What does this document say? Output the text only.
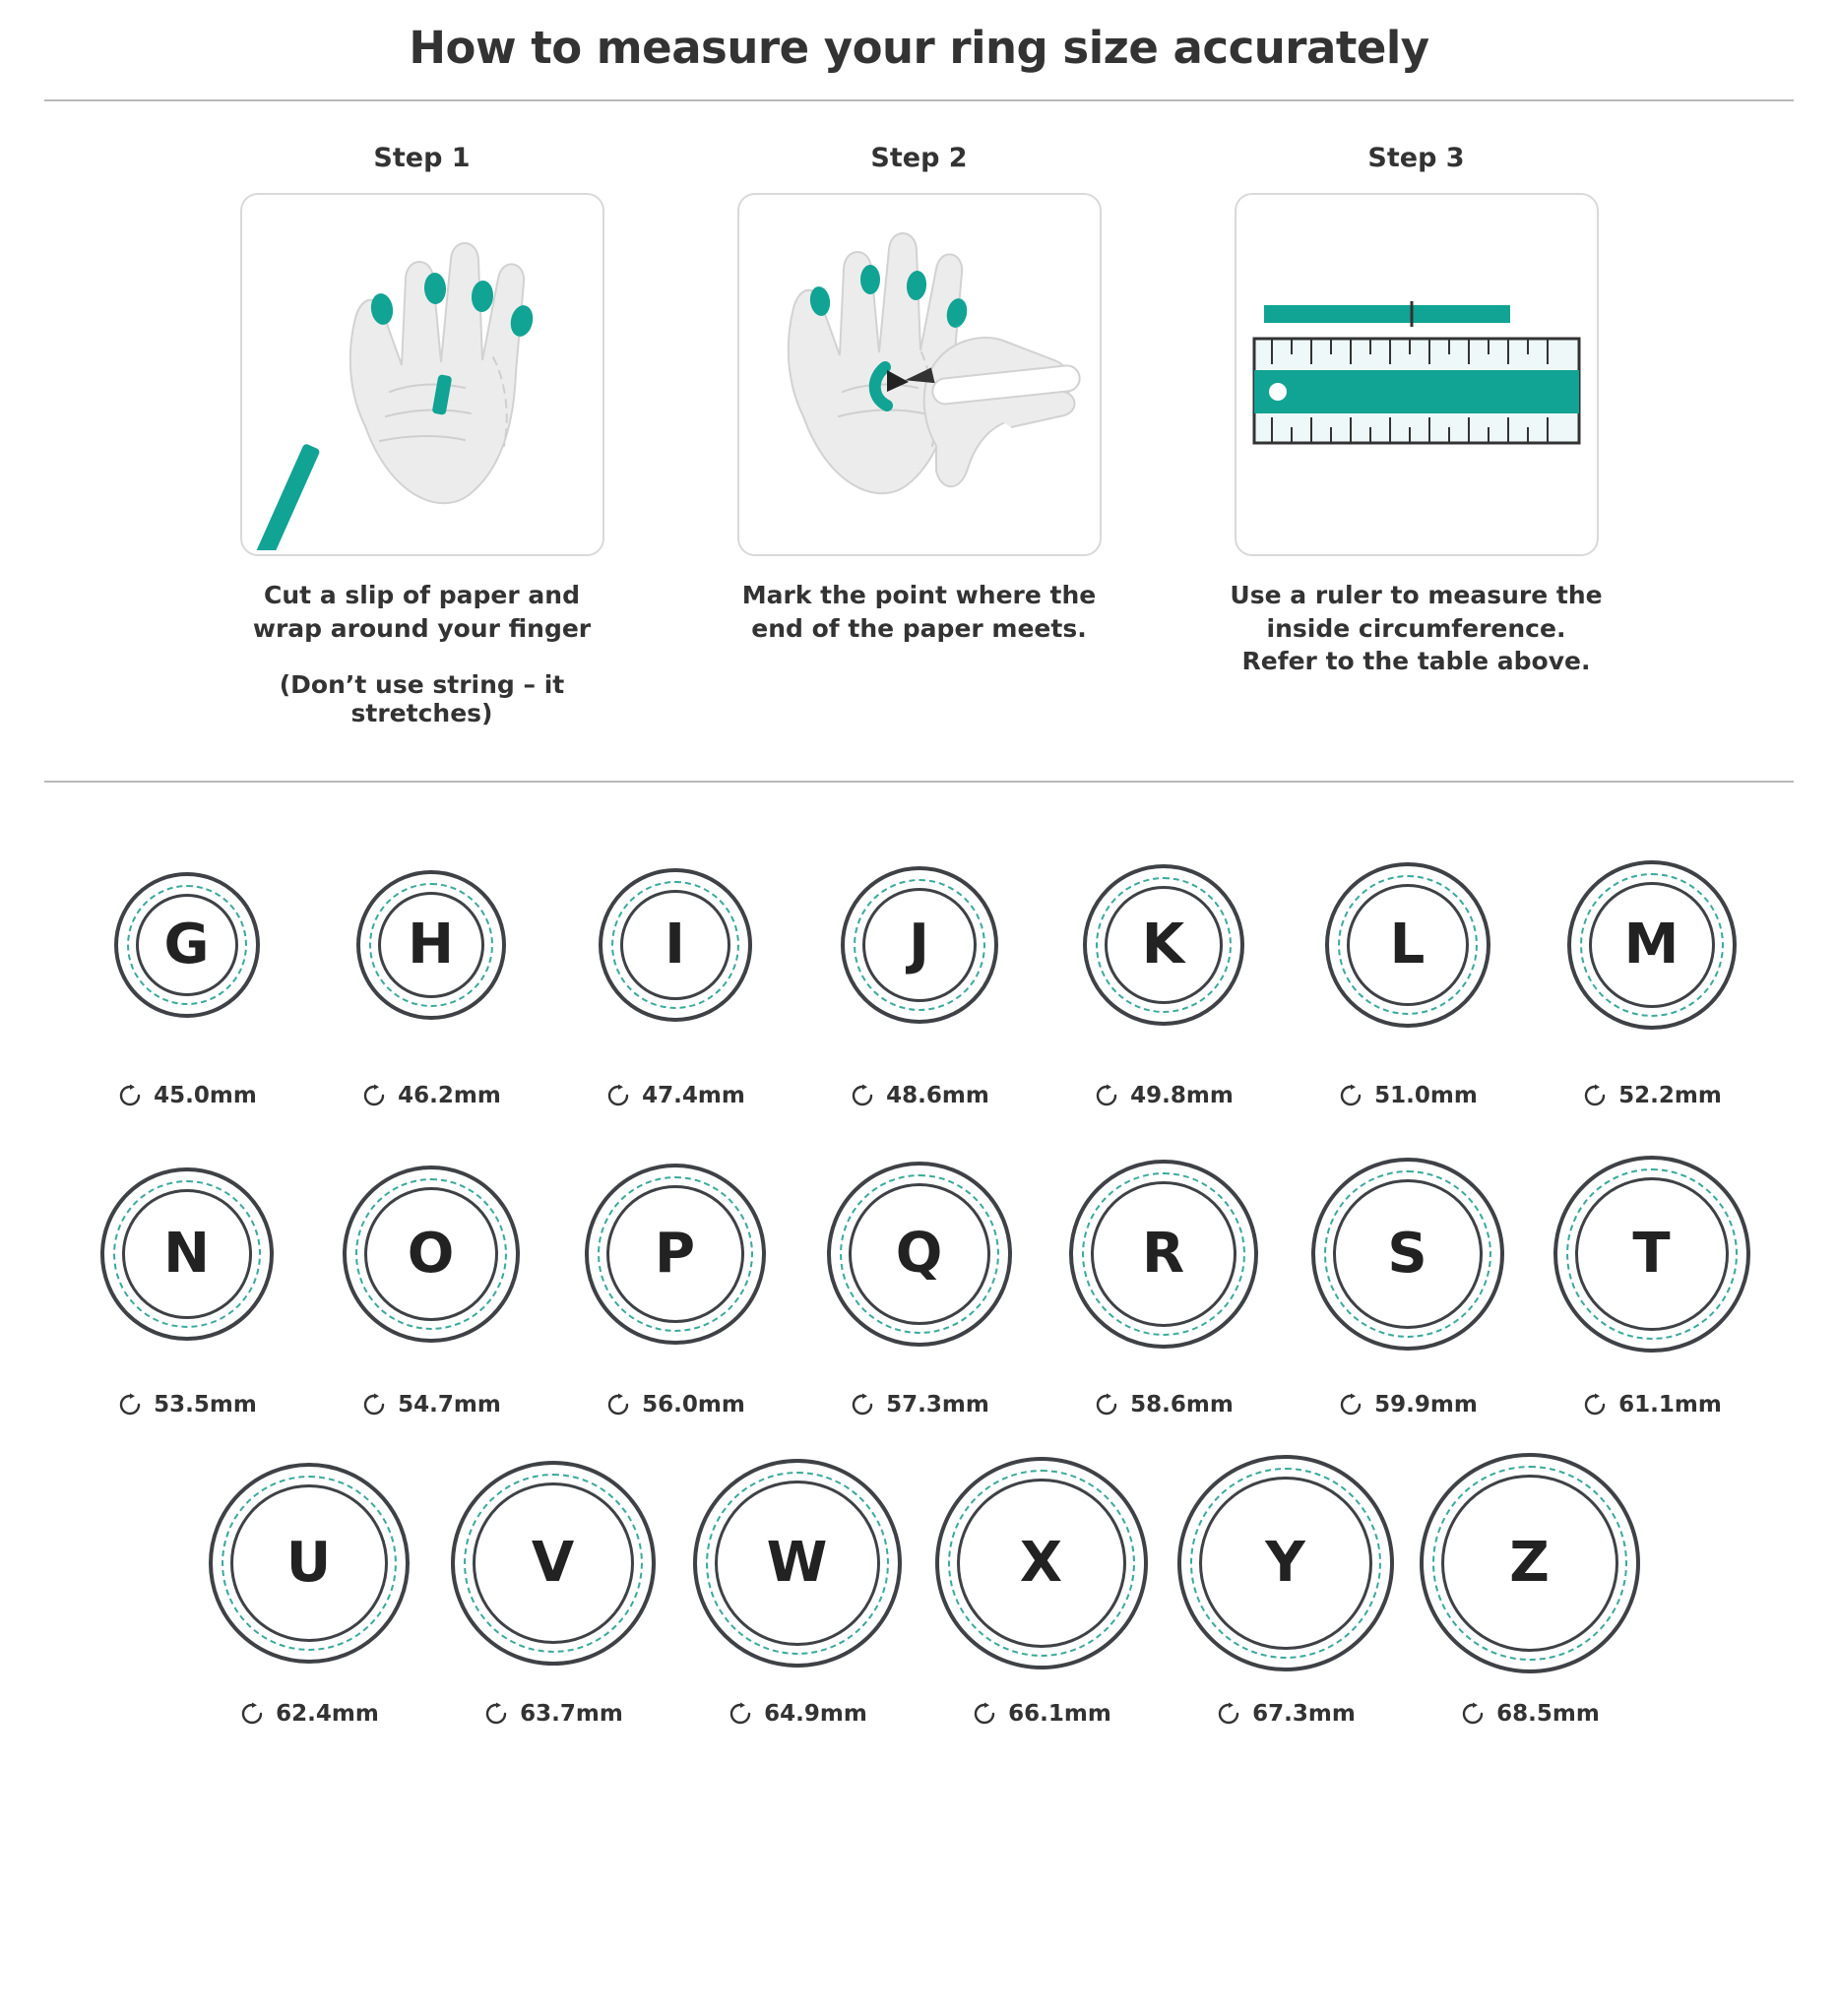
How to measure your ring size accurately
Step 1
Cut a slip of paper and wrap around your finger
(Don’t use string – it stretches)
Step 2
Mark the point where the end of the paper meets.
Step 3
Use a ruler to measure the inside circumference. Refer to the table above.
G
45.0mm
H
46.2mm
I
47.4mm
J
48.6mm
K
49.8mm
L
51.0mm
M
52.2mm
N
53.5mm
O
54.7mm
P
56.0mm
Q
57.3mm
R
58.6mm
S
59.9mm
T
61.1mm
U
62.4mm
V
63.7mm
W
64.9mm
X
66.1mm
Y
67.3mm
Z
68.5mm
